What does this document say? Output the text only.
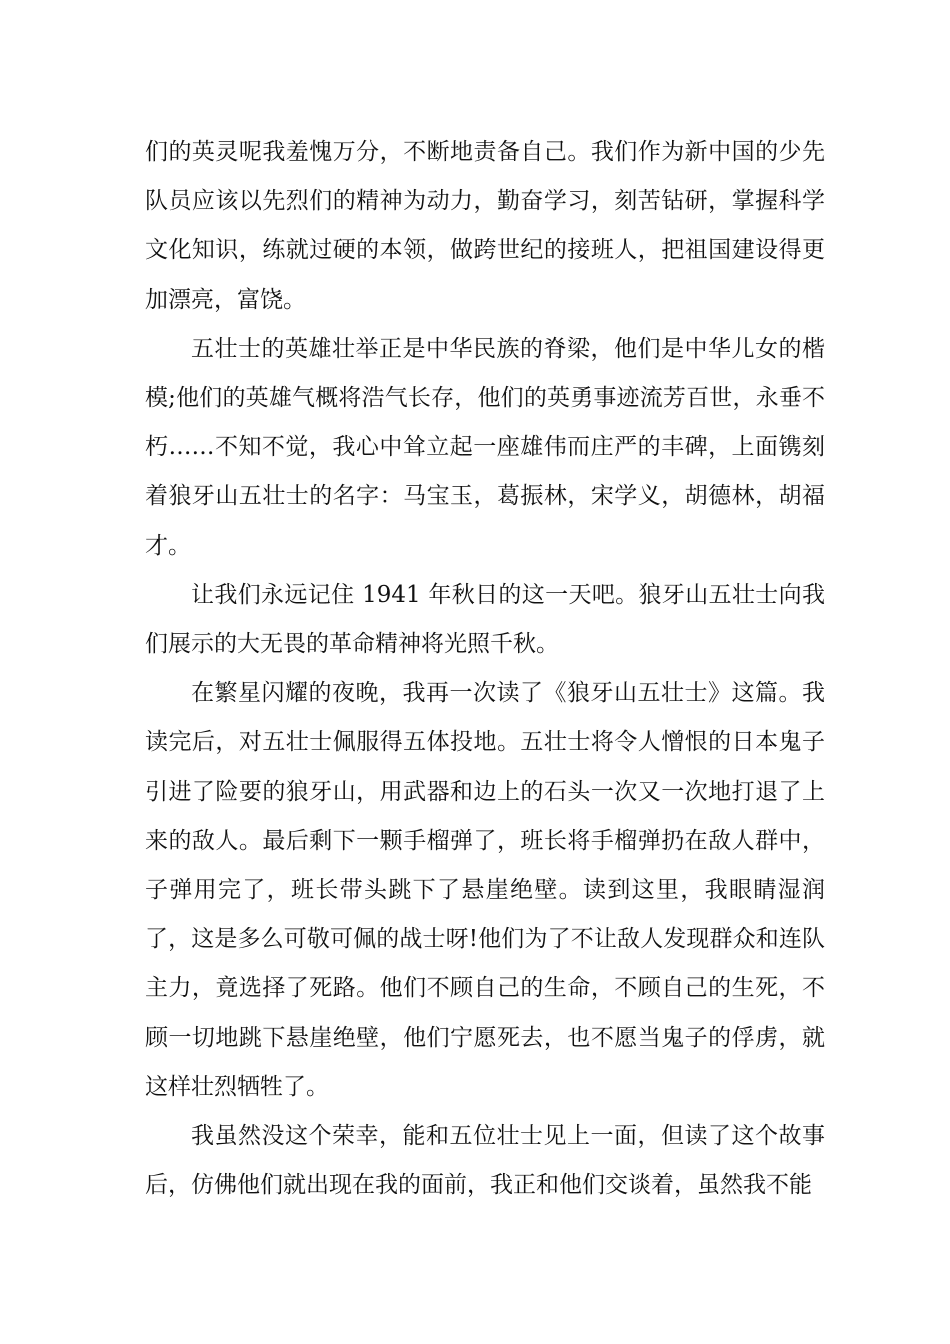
们的英灵呢我羞愧万分，不断地责备自己。我们作为新中国的少先队员应该以先烈们的精神为动力，勤奋学习，刻苦钻研，掌握科学文化知识，练就过硬的本领，做跨世纪的接班人，把祖国建设得更加漂亮，富饶。

五壮士的英雄壮举正是中华民族的脊梁，他们是中华儿女的楷模;他们的英雄气概将浩气长存，他们的英勇事迹流芳百世，永垂不朽……不知不觉，我心中耸立起一座雄伟而庄严的丰碑，上面镌刻着狼牙山五壮士的名字：马宝玉，葛振林，宋学义，胡德林，胡福才。

让我们永远记住 1941 年秋日的这一天吧。狼牙山五壮士向我们展示的大无畏的革命精神将光照千秋。

在繁星闪耀的夜晚，我再一次读了《狼牙山五壮士》这篇。我读完后，对五壮士佩服得五体投地。五壮士将令人憎恨的日本鬼子引进了险要的狼牙山，用武器和边上的石头一次又一次地打退了上来的敌人。最后剩下一颗手榴弹了，班长将手榴弹扔在敌人群中，子弹用完了，班长带头跳下了悬崖绝壁。读到这里，我眼睛湿润了，这是多么可敬可佩的战士呀!他们为了不让敌人发现群众和连队主力，竟选择了死路。他们不顾自己的生命，不顾自己的生死，不顾一切地跳下悬崖绝壁，他们宁愿死去，也不愿当鬼子的俘虏，就这样壮烈牺牲了。

我虽然没这个荣幸，能和五位壮士见上一面，但读了这个故事后，仿佛他们就出现在我的面前，我正和他们交谈着，虽然我不能
